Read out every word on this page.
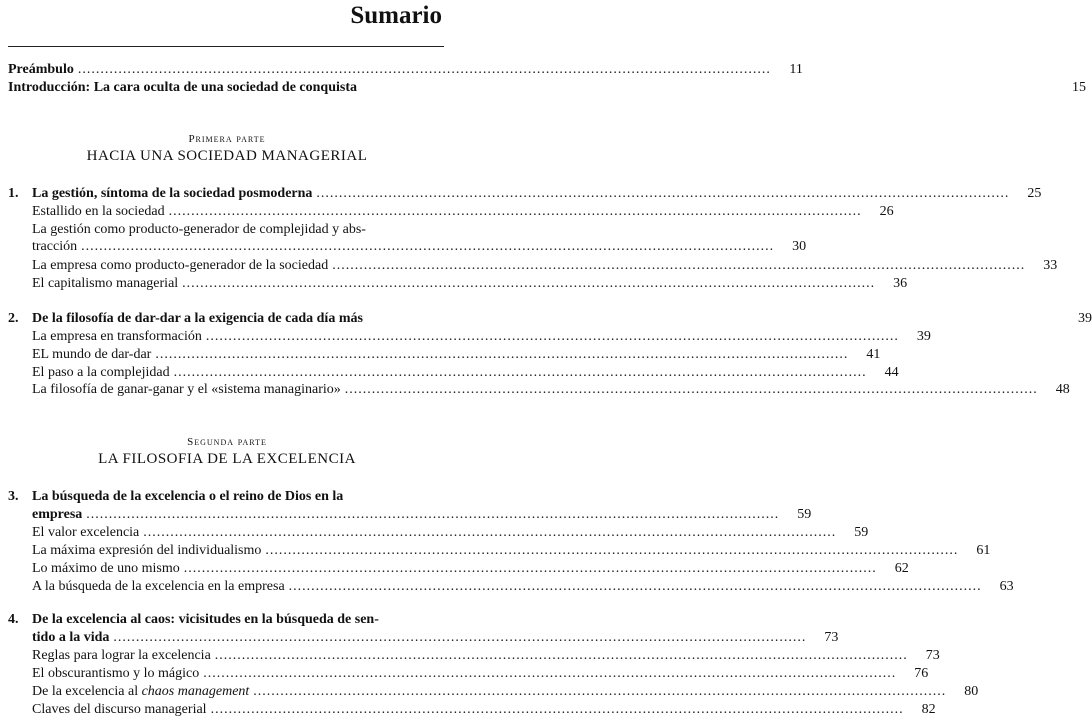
Sumario
Preámbulo .....	11
Introducción: La cara oculta de una sociedad de conquista	15
Primera parte
HACIA UNA SOCIEDAD MANAGERIAL
1. La gestión, síntoma de la sociedad posmoderna .....	25
Estallido en la sociedad .....	26
La gestión como producto-generador de complejidad y abs-
tracción .....	30
La empresa como producto-generador de la sociedad .....	33
El capitalismo managerial .....	36
2. De la filosofía de dar-dar a la exigencia de cada día más	39
La empresa en transformación .....	39
EL mundo de dar-dar .....	41
El paso a la complejidad .....	44
La filosofía de ganar-ganar y el «sistema managinario» .....	48
Segunda parte
LA FILOSOFIA DE LA EXCELENCIA
3. La búsqueda de la excelencia o el reino de Dios en la
empresa .....	59
El valor excelencia .....	59
La máxima expresión del individualismo .....	61
Lo máximo de uno mismo .....	62
A la búsqueda de la excelencia en la empresa .....	63
4. De la excelencia al caos: vicisitudes en la búsqueda de sen-
tido a la vida .....	73
Reglas para lograr la excelencia .....	73
El obscurantismo y lo mágico .....	76
De la excelencia al chaos management .....	80
Claves del discurso managerial .....	82
